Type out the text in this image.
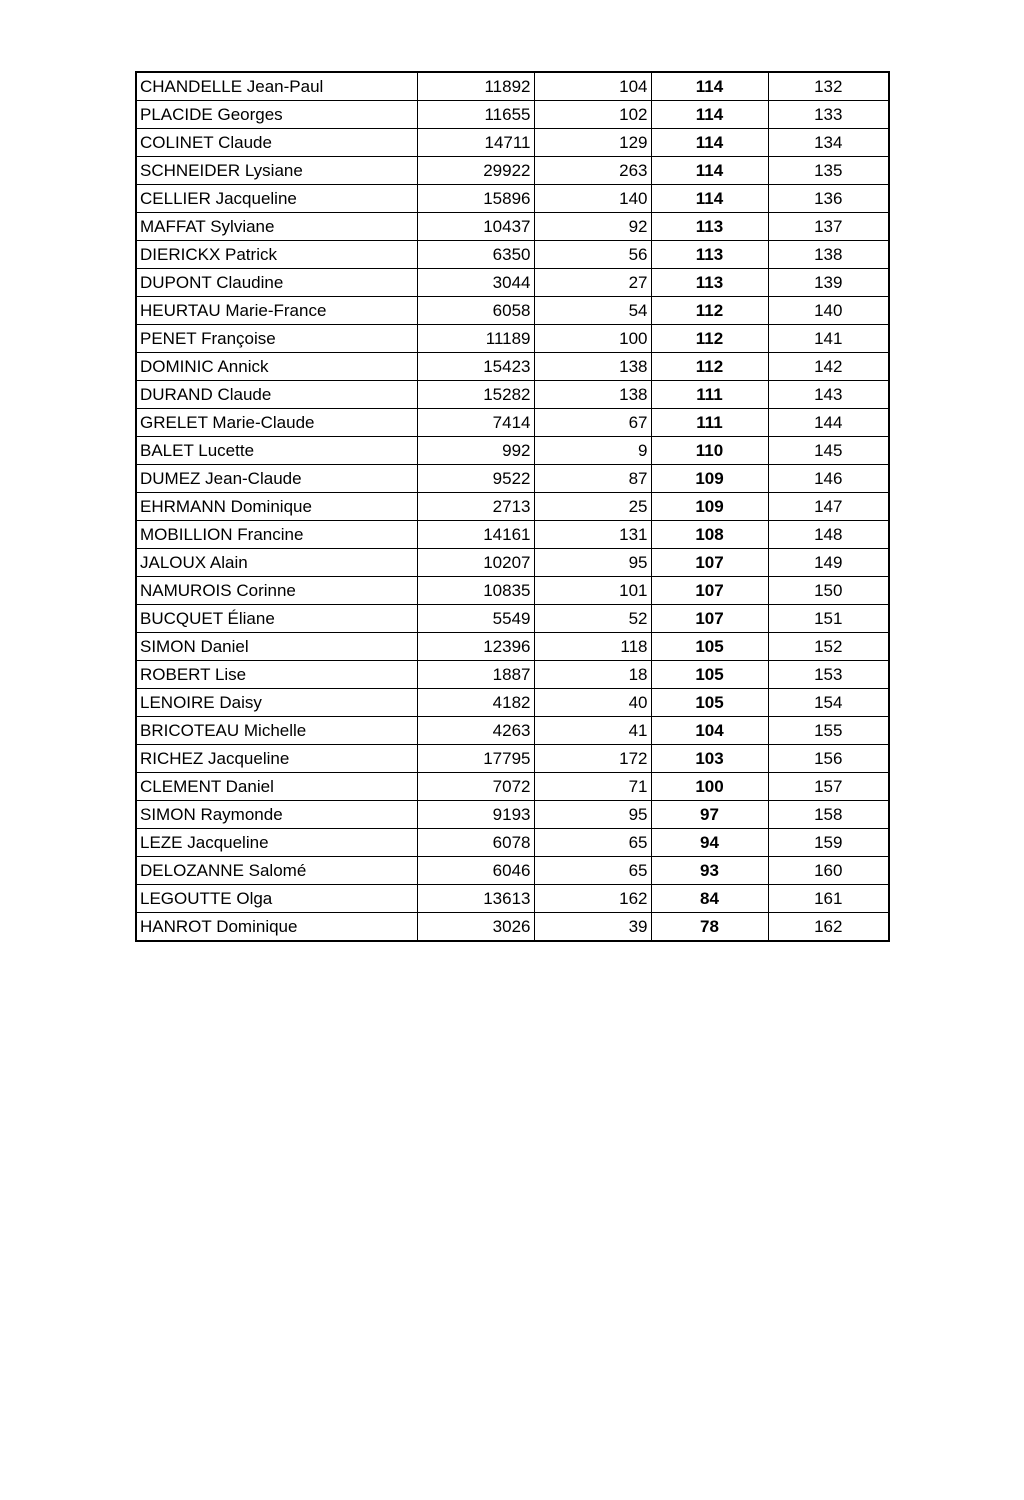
CHANDELLE Jean-Paul	11892	104	114	132
PLACIDE Georges	11655	102	114	133
COLINET Claude	14711	129	114	134
SCHNEIDER Lysiane	29922	263	114	135
CELLIER Jacqueline	15896	140	114	136
MAFFAT Sylviane	10437	92	113	137
DIERICKX Patrick	6350	56	113	138
DUPONT Claudine	3044	27	113	139
HEURTAU Marie-France	6058	54	112	140
PENET Françoise	11189	100	112	141
DOMINIC Annick	15423	138	112	142
DURAND Claude	15282	138	111	143
GRELET Marie-Claude	7414	67	111	144
BALET Lucette	992	9	110	145
DUMEZ Jean-Claude	9522	87	109	146
EHRMANN Dominique	2713	25	109	147
MOBILLION Francine	14161	131	108	148
JALOUX Alain	10207	95	107	149
NAMUROIS Corinne	10835	101	107	150
BUCQUET Éliane	5549	52	107	151
SIMON Daniel	12396	118	105	152
ROBERT Lise	1887	18	105	153
LENOIRE Daisy	4182	40	105	154
BRICOTEAU Michelle	4263	41	104	155
RICHEZ Jacqueline	17795	172	103	156
CLEMENT Daniel	7072	71	100	157
SIMON Raymonde	9193	95	97	158
LEZE Jacqueline	6078	65	94	159
DELOZANNE Salomé	6046	65	93	160
LEGOUTTE Olga	13613	162	84	161
HANROT Dominique	3026	39	78	162
